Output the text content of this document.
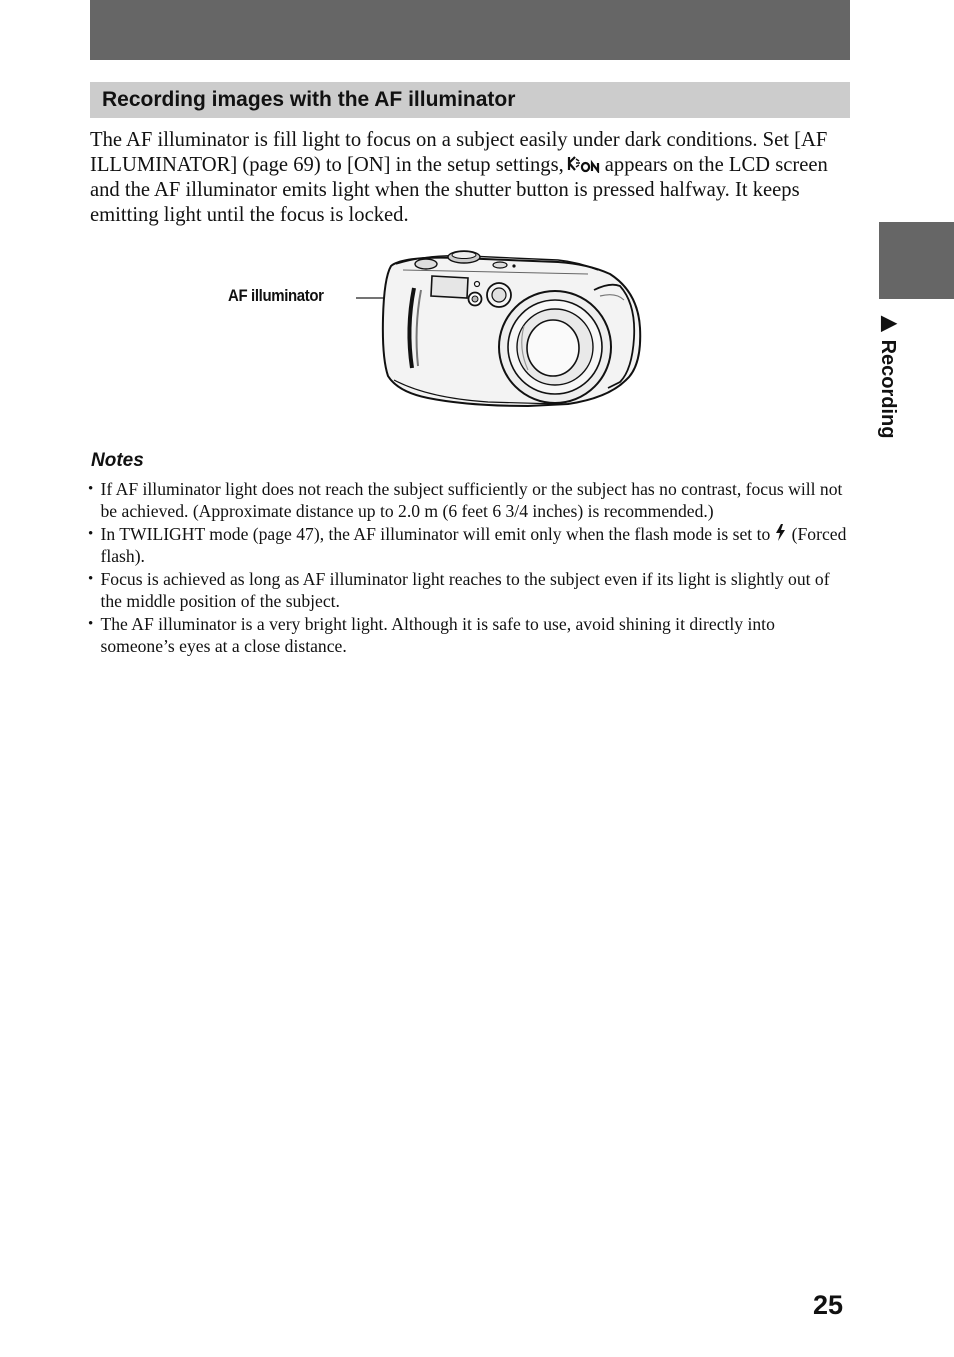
Recording images with the AF illuminator

The AF illuminator is fill light to focus on a subject easily under dark conditions. Set [AF ILLUMINATOR] (page 69) to [ON] in the setup settings, appears on the LCD screen and the AF illuminator emits light when the shutter button is pressed halfway. It keeps emitting light until the focus is locked.

AF illuminator
Notes
• If AF illuminator light does not reach the subject sufficiently or the subject has no contrast, focus will not be achieved. (Approximate distance up to 2.0 m (6 feet 6 3/4 inches) is recommended.)
• In TWILIGHT mode (page 47), the AF illuminator will emit only when the flash mode is set to (Forced flash).
• Focus is achieved as long as AF illuminator light reaches to the subject even if its light is slightly out of the middle position of the subject.
• The AF illuminator is a very bright light. Although it is safe to use, avoid shining it directly into someone’s eyes at a close distance.
▶ Recording
25
